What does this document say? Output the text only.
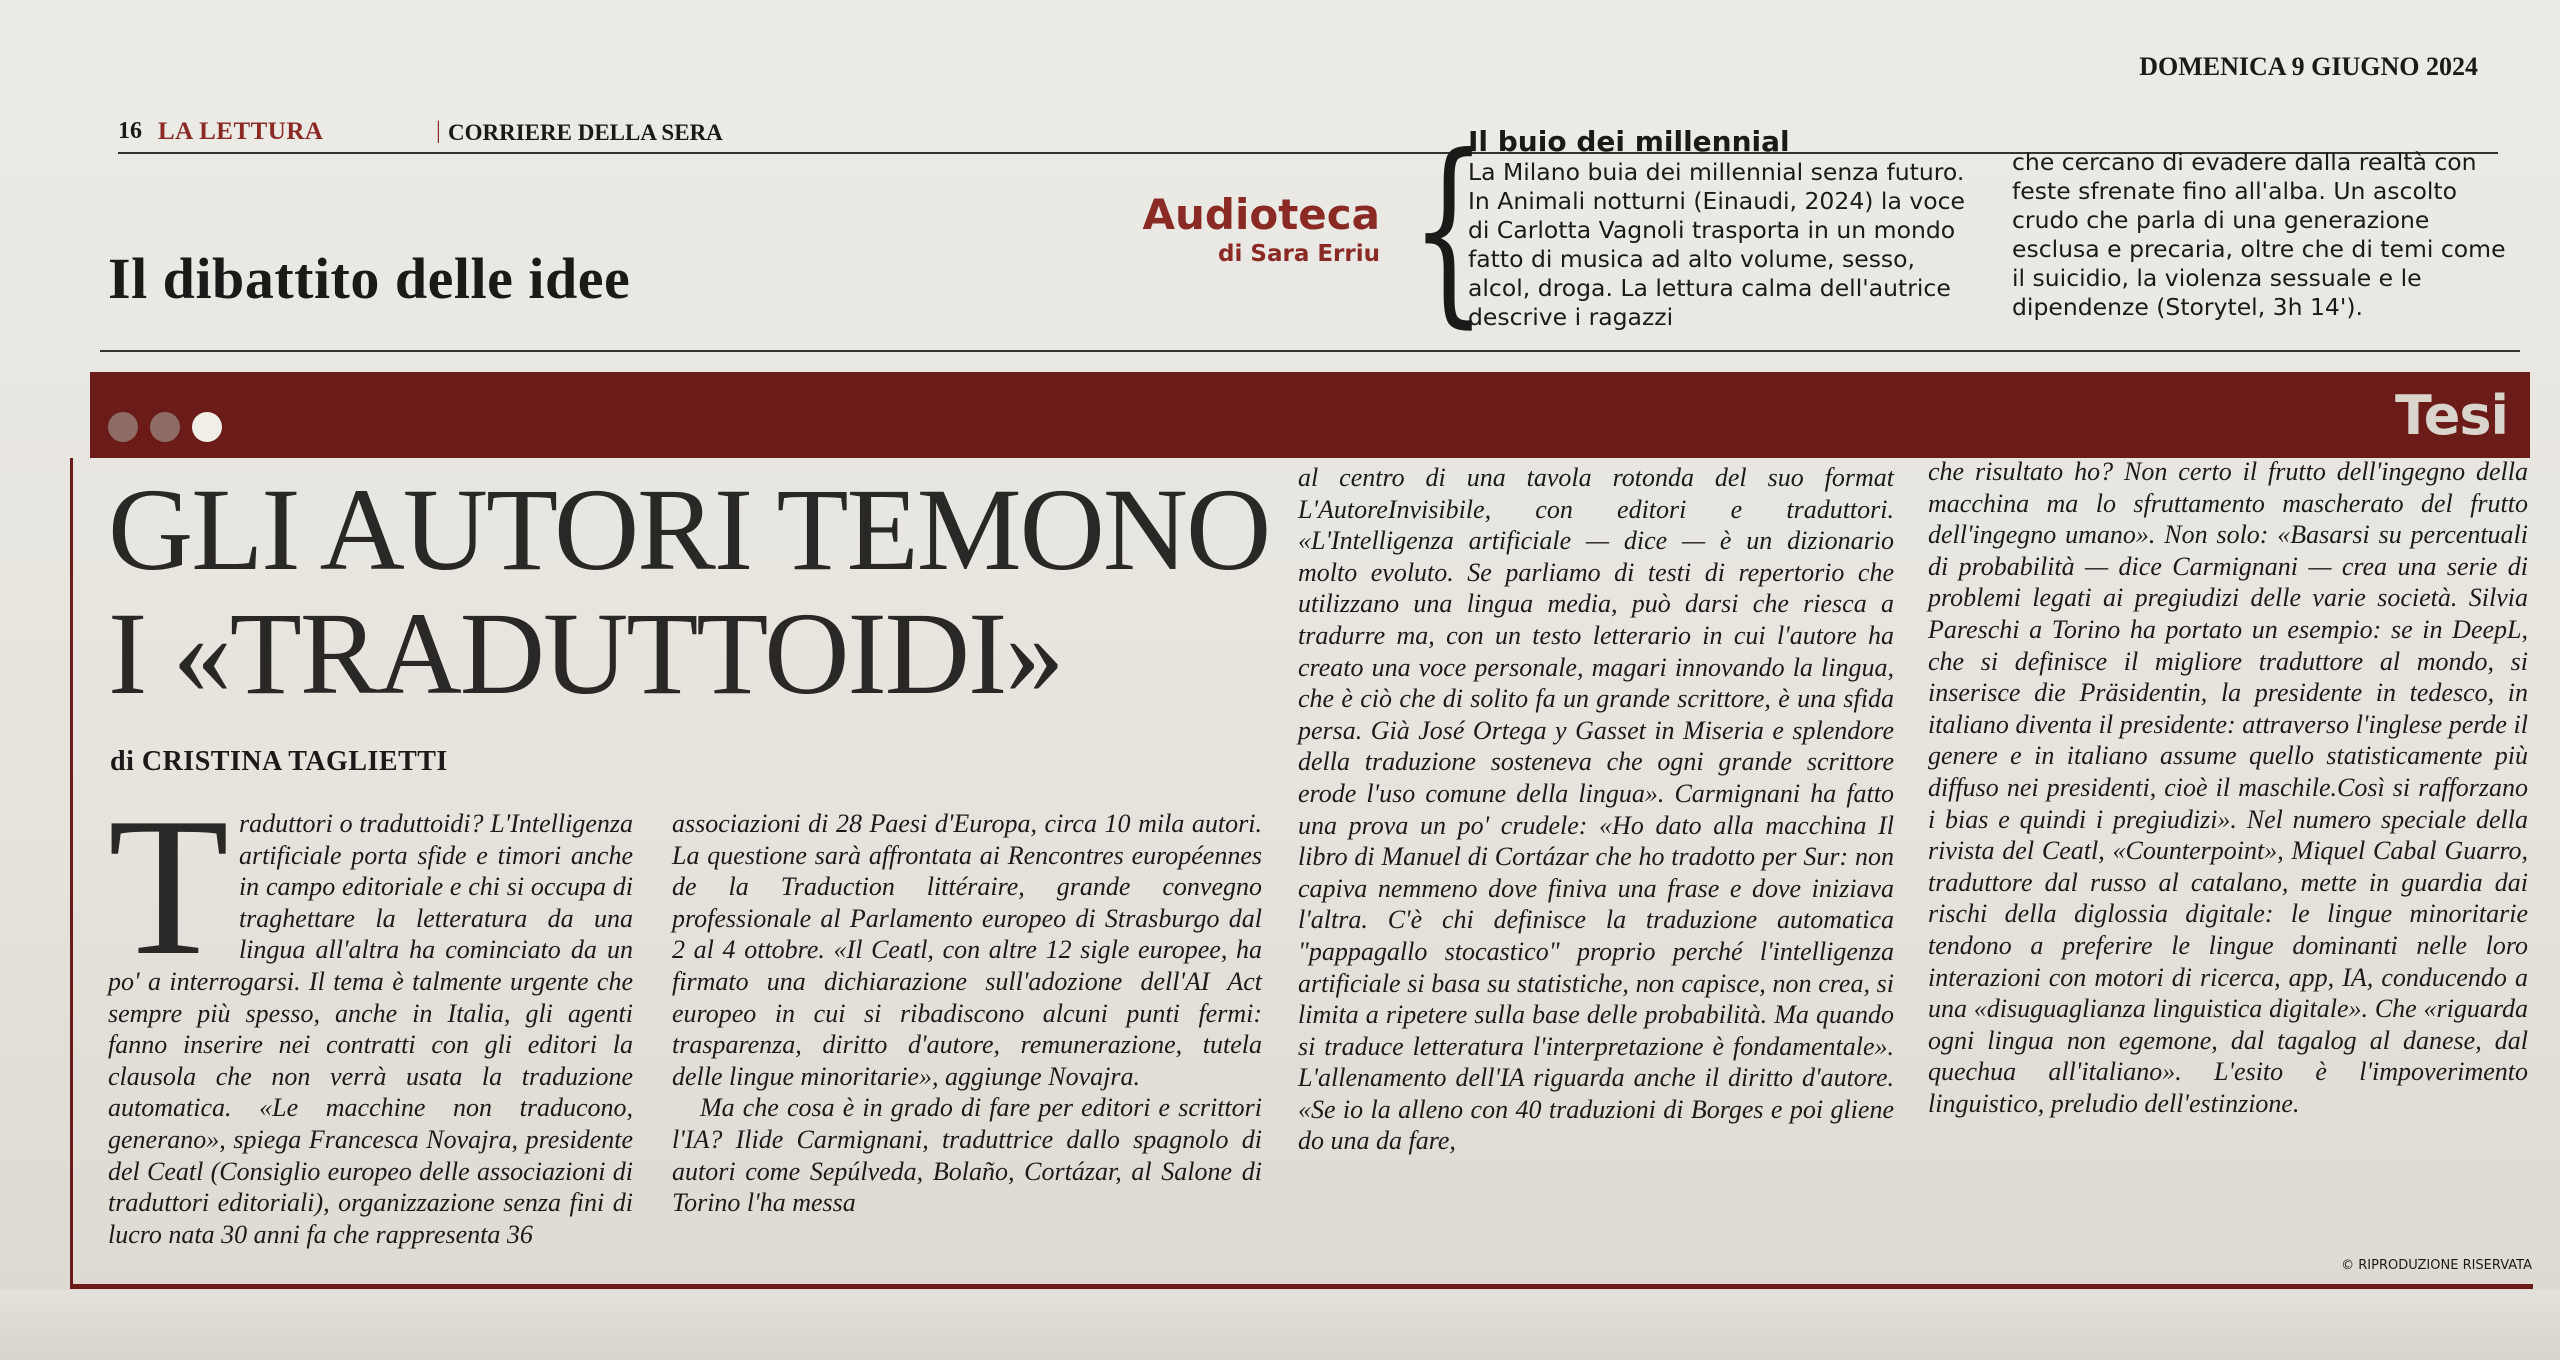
16 LA LETTURA	| CORRIERE DELLA SERA
DOMENICA 9 GIUGNO 2024
Il dibattito delle idee
Audioteca
di Sara Erriu {
Il buio dei millennial
La Milano buia dei millennial senza futuro. In Animali notturni (Einaudi, 2024) la voce di Carlotta Vagnoli trasporta in un mondo fatto di musica ad alto volume, sesso, alcol, droga. La lettura calma dell'autrice descrive i ragazzi
che cercano di evadere dalla realtà con feste sfrenate fino all'alba. Un ascolto crudo che parla di una generazione esclusa e precaria, oltre che di temi come il suicidio, la violenza sessuale e le dipendenze (Storytel, 3h 14').
Tesi
GLI AUTORI TEMONO
I «TRADUTTOIDI»
di CRISTINA TAGLIETTI
Traduttori o traduttoidi? L'Intelligenza artificiale porta sfide e timori anche in campo editoriale e chi si occupa di traghettare la letteratura da una lingua all'altra ha cominciato da un po' a interrogarsi. Il tema è talmente urgente che sempre più spesso, anche in Italia, gli agenti fanno inserire nei contratti con gli editori la clausola che non verrà usata la traduzione automatica. «Le macchine non traducono, generano», spiega Francesca Novajra, presidente del Ceatl (Consiglio europeo delle associazioni di traduttori editoriali), organizzazione senza fini di lucro nata 30 anni fa che rappresenta 36

associazioni di 28 Paesi d'Europa, circa 10 mila autori. La questione sarà affrontata ai Rencontres européennes de la Traduction littéraire, grande convegno professionale al Parlamento europeo di Strasburgo dal 2 al 4 ottobre. «Il Ceatl, con altre 12 sigle europee, ha firmato una dichiarazione sull'adozione dell'AI Act europeo in cui si ribadiscono alcuni punti fermi: trasparenza, diritto d'autore, remunerazione, tutela delle lingue minoritarie», aggiunge Novajra.

Ma che cosa è in grado di fare per editori e scrittori l'IA? Ilide Carmignani, traduttrice dallo spagnolo di autori come Sepúlveda, Bolaño, Cortázar, al Salone di Torino l'ha messa

al centro di una tavola rotonda del suo format L'AutoreInvisibile, con editori e traduttori. «L'Intelligenza artificiale — dice — è un dizionario molto evoluto. Se parliamo di testi di repertorio che utilizzano una lingua media, può darsi che riesca a tradurre ma, con un testo letterario in cui l'autore ha creato una voce personale, magari innovando la lingua, che è ciò che di solito fa un grande scrittore, è una sfida persa. Già José Ortega y Gasset in Miseria e splendore della traduzione sosteneva che ogni grande scrittore erode l'uso comune della lingua». Carmignani ha fatto una prova un po' crudele: «Ho dato alla macchina Il libro di Manuel di Cortázar che ho tradotto per Sur: non capiva nemmeno dove finiva una frase e dove iniziava l'altra. C'è chi definisce la traduzione automatica "pappagallo stocastico" proprio perché l'intelligenza artificiale si basa su statistiche, non capisce, non crea, si limita a ripetere sulla base delle probabilità. Ma quando si traduce letteratura l'interpretazione è fondamentale». L'allenamento dell'IA riguarda anche il diritto d'autore. «Se io la alleno con 40 traduzioni di Borges e poi gliene do una da fare,
che risultato ho? Non certo il frutto dell'ingegno della macchina ma lo sfruttamento mascherato del frutto dell'ingegno umano». Non solo: «Basarsi su percentuali di probabilità — dice Carmignani — crea una serie di problemi legati ai pregiudizi delle varie società. Silvia Pareschi a Torino ha portato un esempio: se in DeepL, che si definisce il migliore traduttore al mondo, si inserisce die Präsidentin, la presidente in tedesco, in italiano diventa il presidente: attraverso l'inglese perde il genere e in italiano assume quello statisticamente più diffuso nei presidenti, cioè il maschile.Così si rafforzano i bias e quindi i pregiudizi». Nel numero speciale della rivista del Ceatl, «Counterpoint», Miquel Cabal Guarro, traduttore dal russo al catalano, mette in guardia dai rischi della diglossia digitale: le lingue minoritarie tendono a preferire le lingue dominanti nelle loro interazioni con motori di ricerca, app, IA, conducendo a una «disuguaglianza linguistica digitale». Che «riguarda ogni lingua non egemone, dal tagalog al danese, dal quechua all'italiano». L'esito è l'impoverimento linguistico, preludio dell'estinzione.
© RIPRODUZIONE RISERVATA
